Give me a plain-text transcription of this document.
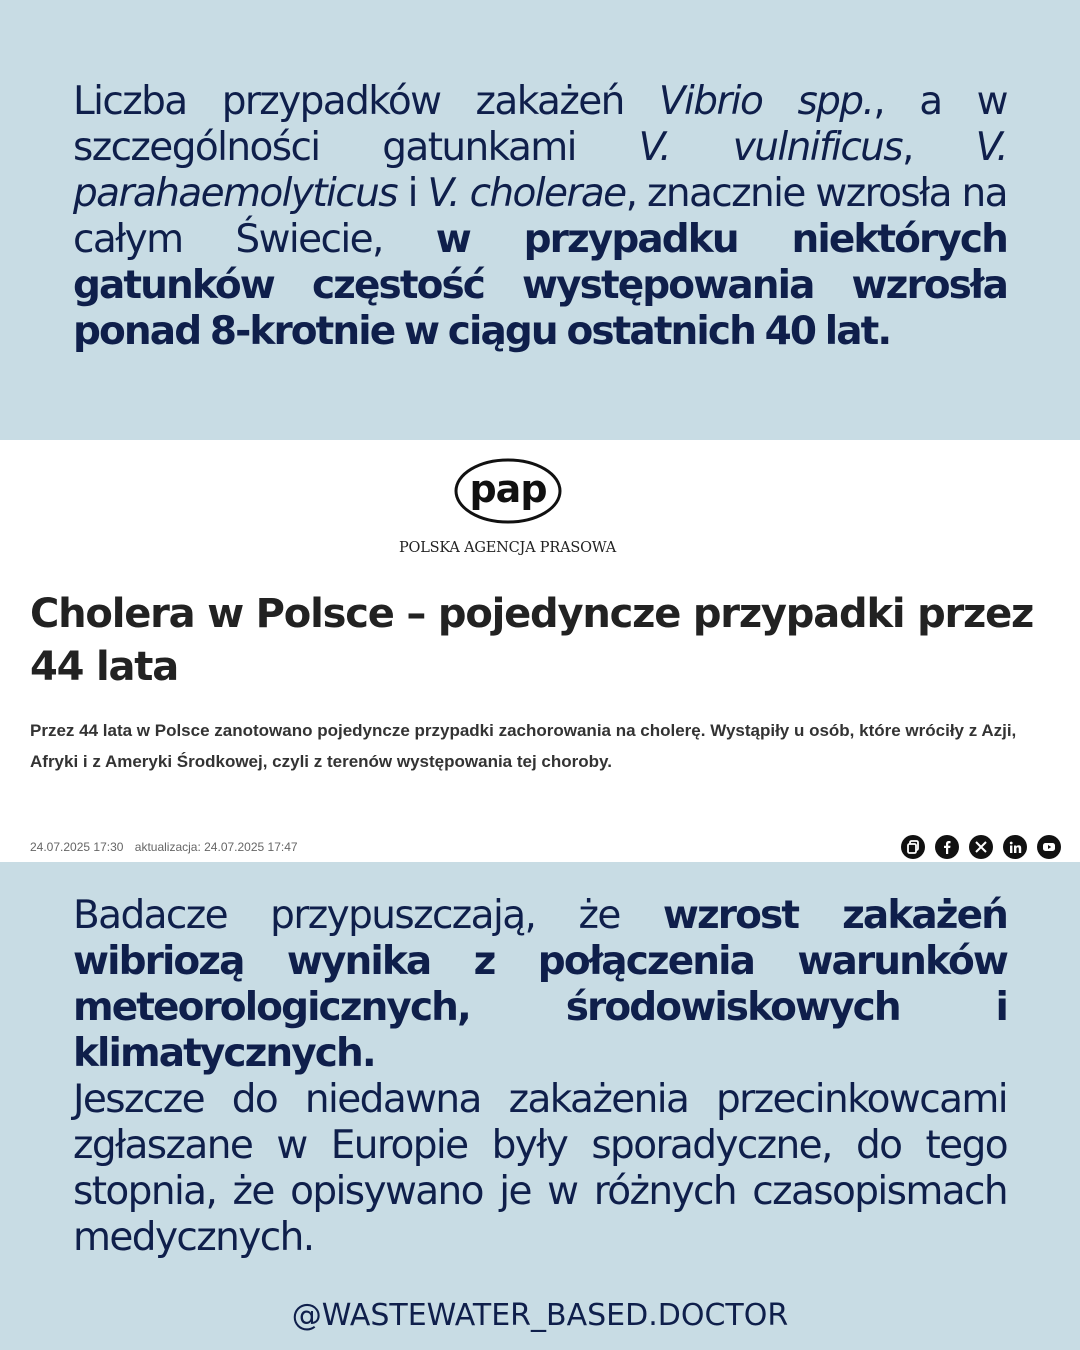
Liczba przypadków zakażeń Vibrio spp., a w szczególności gatunkami V. vulnificus, V. parahaemolyticus i V. cholerae, znacznie wzrosła na całym Świecie, w przypadku niektórych gatunków częstość występowania wzrosła ponad 8-krotnie w ciągu ostatnich 40 lat.

pap
POLSKA AGENCJA PRASOWA
Cholera w Polsce – pojedyncze przypadki przez 44 lata

Przez 44 lata w Polsce zanotowano pojedyncze przypadki zachorowania na cholerę. Wystąpiły u osób, które wróciły z Azji, Afryki i z Ameryki Środkowej, czyli z terenów występowania tej choroby.

24.07.2025 17:30 aktualizacja: 24.07.2025 17:47

Badacze przypuszczają, że wzrost zakażeń wibriozą wynika z połączenia warunków meteorologicznych, środowiskowych i klimatycznych.
Jeszcze do niedawna zakażenia przecinkowcami zgłaszane w Europie były sporadyczne, do tego stopnia, że opisywano je w różnych czasopismach medycznych.

@WASTEWATER_BASED.DOCTOR
